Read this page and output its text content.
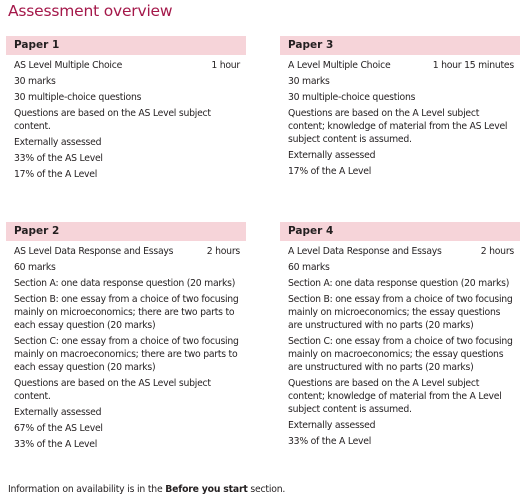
Assessment overview
Paper 1
AS Level Multiple Choice	1 hour
30 marks
30 multiple-choice questions
Questions are based on the AS Level subject
content.
Externally assessed
33% of the AS Level
17% of the A Level
Paper 3
A Level Multiple Choice	1 hour 15 minutes
30 marks
30 multiple-choice questions
Questions are based on the A Level subject
content; knowledge of material from the AS Level
subject content is assumed.
Externally assessed
17% of the A Level
Paper 2
AS Level Data Response and Essays	2 hours
60 marks
Section A: one data response question (20 marks)
Section B: one essay from a choice of two focusing
mainly on microeconomics; there are two parts to
each essay question (20 marks)
Section C: one essay from a choice of two focusing
mainly on macroeconomics; there are two parts to
each essay question (20 marks)
Questions are based on the AS Level subject
content.
Externally assessed
67% of the AS Level
33% of the A Level
Paper 4
A Level Data Response and Essays	2 hours
60 marks
Section A: one data response question (20 marks)
Section B: one essay from a choice of two focusing
mainly on microeconomics; the essay questions
are unstructured with no parts (20 marks)
Section C: one essay from a choice of two focusing
mainly on macroeconomics; the essay questions
are unstructured with no parts (20 marks)
Questions are based on the A Level subject
content; knowledge of material from the A Level
subject content is assumed.
Externally assessed
33% of the A Level
Information on availability is in the Before you start section.
